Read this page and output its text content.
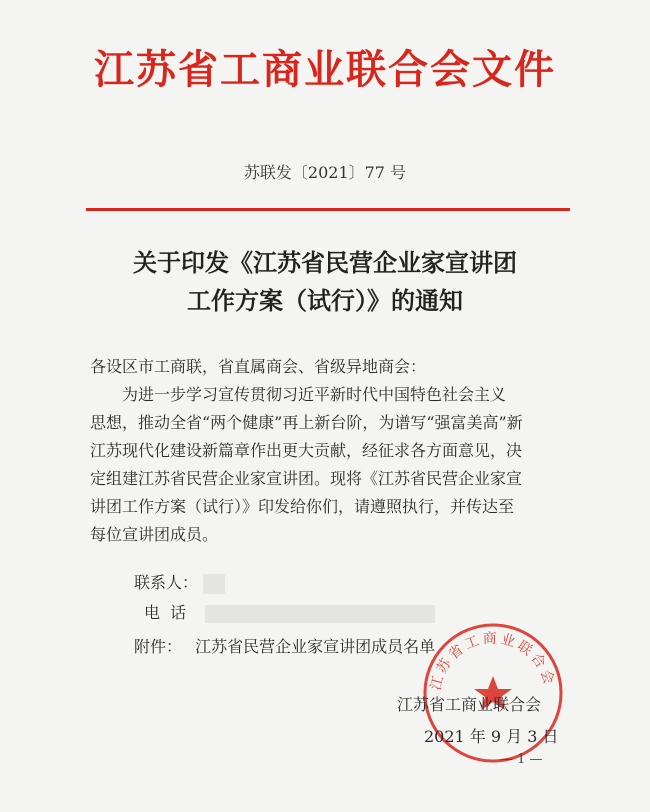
江苏省工商业联合会文件
苏联发〔2021〕77 号
关于印发《江苏省民营企业家宣讲团
工作方案（试行）》的通知
各设区市工商联，省直属商会、省级异地商会：
为进一步学习宣传贯彻习近平新时代中国特色社会主义
思想，推动全省“两个健康”再上新台阶，为谱写“强富美高”新
江苏现代化建设新篇章作出更大贡献，经征求各方面意见，决
定组建江苏省民营企业家宣讲团。现将《江苏省民营企业家宣
讲团工作方案（试行）》印发给你们，请遵照执行，并传达至
每位宣讲团成员。
联系人：
电  话
附件： 江苏省民营企业家宣讲团成员名单
江苏省工商业联合会
江苏省工商业联合会
2021 年 9 月 3 日
— 1 —
